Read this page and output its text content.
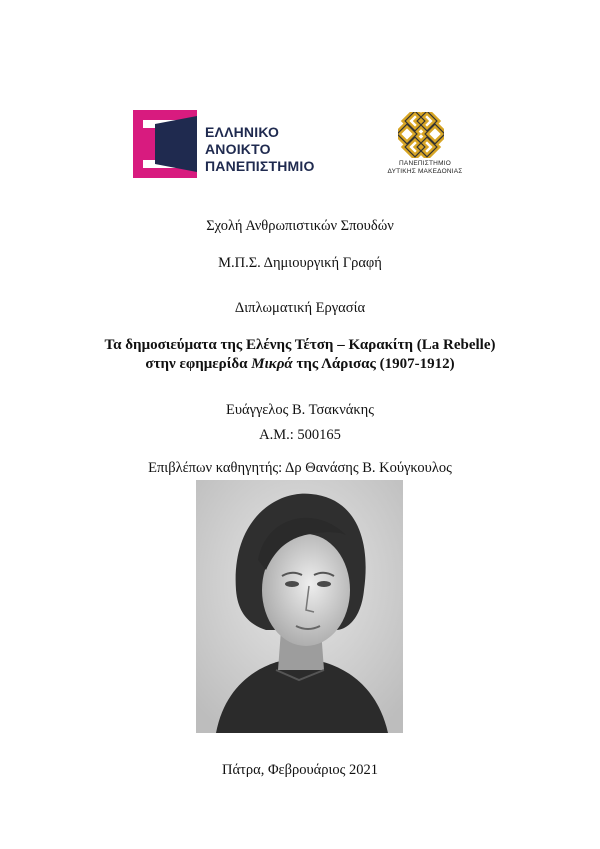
ΕΛΛΗΝΙΚΟ
ΑΝΟΙΚΤΟ
ΠΑΝΕΠΙΣΤΗΜΙΟ	ΠΑΝΕΠΙΣΤΗΜΙΟ
ΔΥΤΙΚΗΣ ΜΑΚΕΔΟΝΙΑΣ
Σχολή Ανθρωπιστικών Σπουδών
Μ.Π.Σ. Δημιουργική Γραφή
Διπλωματική Εργασία
Τα δημοσιεύματα της Ελένης Τέτση – Καρακίτη (La Rebelle)
στην εφημερίδα Μικρά της Λάρισας (1907-1912)
Ευάγγελος Β. Τσακνάκης
Α.Μ.: 500165
Επιβλέπων καθηγητής: Δρ Θανάσης Β. Κούγκουλος
Πάτρα, Φεβρουάριος 2021
